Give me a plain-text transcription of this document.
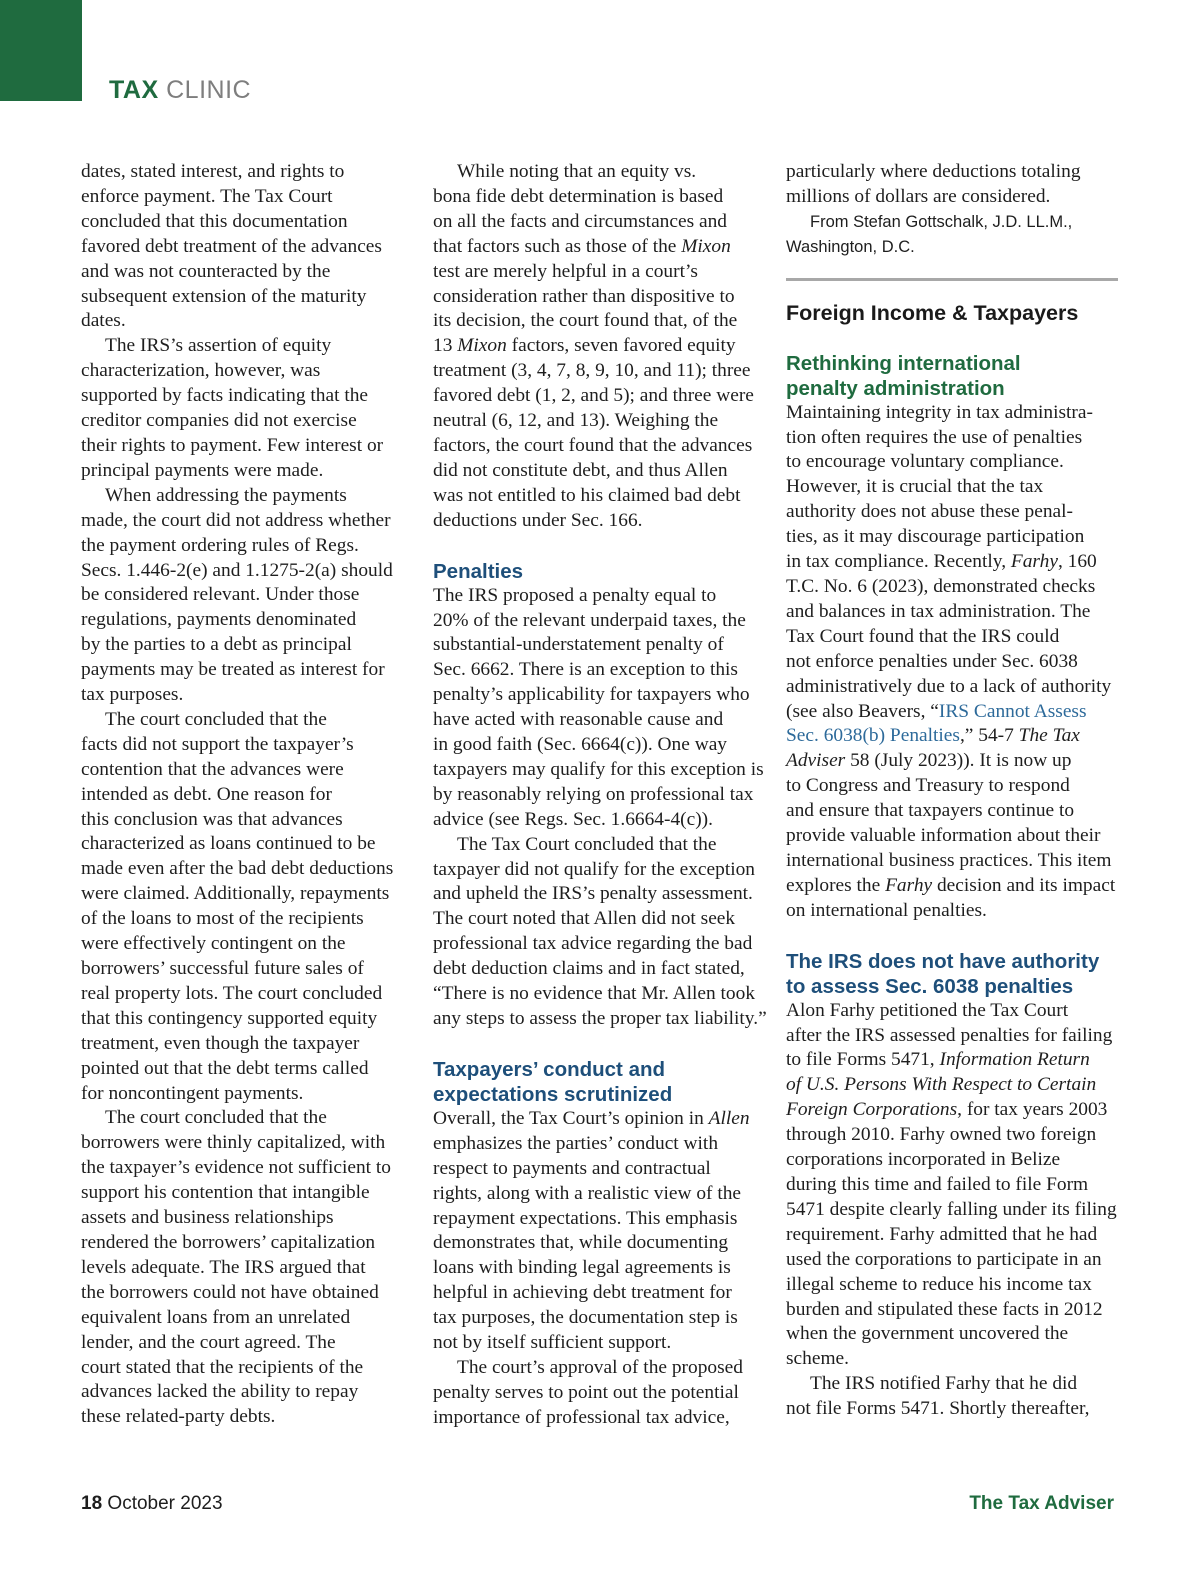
TAX CLINIC

dates, stated interest, and rights to
enforce payment. The Tax Court
concluded that this documentation
favored debt treatment of the advances
and was not counteracted by the
subsequent extension of the maturity
dates.

The IRS’s assertion of equity

characterization, however, was
supported by facts indicating that the
creditor companies did not exercise
their rights to payment. Few interest or
principal payments were made.

When addressing the payments

made, the court did not address whether
the payment ordering rules of Regs.
Secs. 1.446-2(e) and 1.1275-2(a) should
be considered relevant. Under those
regulations, payments denominated
by the parties to a debt as principal
payments may be treated as interest for
tax purposes.

The court concluded that the

facts did not support the taxpayer’s
contention that the advances were
intended as debt. One reason for
this conclusion was that advances
characterized as loans continued to be
made even after the bad debt deductions
were claimed. Additionally, repayments
of the loans to most of the recipients
were effectively contingent on the
borrowers’ successful future sales of
real property lots. The court concluded
that this contingency supported equity
treatment, even though the taxpayer
pointed out that the debt terms called
for noncontingent payments.

The court concluded that the

borrowers were thinly capitalized, with
the taxpayer’s evidence not sufficient to
support his contention that intangible
assets and business relationships
rendered the borrowers’ capitalization
levels adequate. The IRS argued that
the borrowers could not have obtained
equivalent loans from an unrelated
lender, and the court agreed. The
court stated that the recipients of the
advances lacked the ability to repay
these related-party debts.

While noting that an equity vs.

bona fide debt determination is based
on all the facts and circumstances and
that factors such as those of the Mixon
test are merely helpful in a court’s
consideration rather than dispositive to
its decision, the court found that, of the
13 Mixon factors, seven favored equity
treatment (3, 4, 7, 8, 9, 10, and 11); three
favored debt (1, 2, and 5); and three were
neutral (6, 12, and 13). Weighing the
factors, the court found that the advances
did not constitute debt, and thus Allen
was not entitled to his claimed bad debt
deductions under Sec. 166.

Penalties

The IRS proposed a penalty equal to
20% of the relevant underpaid taxes, the
substantial-understatement penalty of
Sec. 6662. There is an exception to this
penalty’s applicability for taxpayers who
have acted with reasonable cause and
in good faith (Sec. 6664(c)). One way
taxpayers may qualify for this exception is
by reasonably relying on professional tax
advice (see Regs. Sec. 1.6664-4(c)).

The Tax Court concluded that the

taxpayer did not qualify for the exception
and upheld the IRS’s penalty assessment.
The court noted that Allen did not seek
professional tax advice regarding the bad
debt deduction claims and in fact stated,
“There is no evidence that Mr. Allen took
any steps to assess the proper tax liability.”

Taxpayers’ conduct and
expectations scrutinized

Overall, the Tax Court’s opinion in Allen
emphasizes the parties’ conduct with
respect to payments and contractual
rights, along with a realistic view of the
repayment expectations. This emphasis
demonstrates that, while documenting
loans with binding legal agreements is
helpful in achieving debt treatment for
tax purposes, the documentation step is
not by itself sufficient support.

The court’s approval of the proposed

penalty serves to point out the potential
importance of professional tax advice,

particularly where deductions totaling
millions of dollars are considered.

From Stefan Gottschalk, J.D. LL.M.,
Washington, D.C.

Foreign Income & Taxpayers
Rethinking international
penalty administration

Maintaining integrity in tax administra-
tion often requires the use of penalties
to encourage voluntary compliance.
However, it is crucial that the tax
authority does not abuse these penal-
ties, as it may discourage participation
in tax compliance. Recently, Farhy, 160
T.C. No. 6 (2023), demonstrated checks
and balances in tax administration. The
Tax Court found that the IRS could
not enforce penalties under Sec. 6038
administratively due to a lack of authority
(see also Beavers, “IRS Cannot Assess
Sec. 6038(b) Penalties,” 54-7 The Tax
Adviser 58 (July 2023)). It is now up
to Congress and Treasury to respond
and ensure that taxpayers continue to
provide valuable information about their
international business practices. This item
explores the Farhy decision and its impact
on international penalties.

The IRS does not have authority
to assess Sec. 6038 penalties

Alon Farhy petitioned the Tax Court
after the IRS assessed penalties for failing
to file Forms 5471, Information Return
of U.S. Persons With Respect to Certain
Foreign Corporations, for tax years 2003
through 2010. Farhy owned two foreign
corporations incorporated in Belize
during this time and failed to file Form
5471 despite clearly falling under its filing
requirement. Farhy admitted that he had
used the corporations to participate in an
illegal scheme to reduce his income tax
burden and stipulated these facts in 2012
when the government uncovered the
scheme.

The IRS notified Farhy that he did

not file Forms 5471. Shortly thereafter,

18 October 2023	The Tax Adviser
